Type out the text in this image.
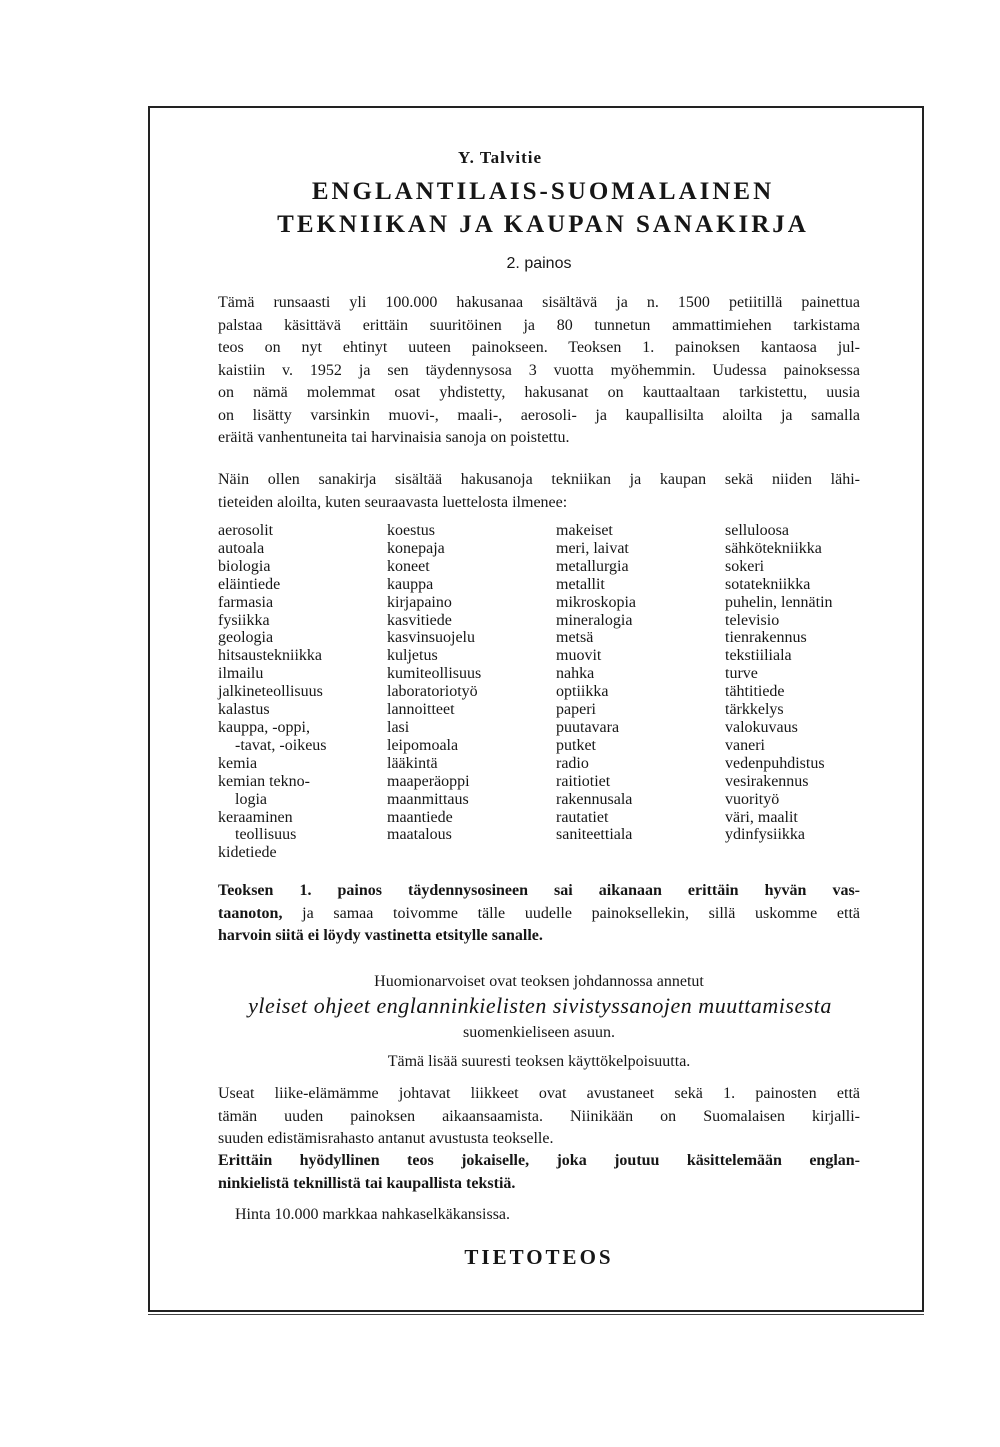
Y. Talvitie
ENGLANTILAIS-SUOMALAINEN
TEKNIIKAN JA KAUPAN SANAKIRJA
2. painos
Tämä runsaasti yli 100.000 hakusanaa sisältävä ja n. 1500 petiitillä painettua
palstaa käsittävä erittäin suuritöinen ja 80 tunnetun ammattimiehen tarkistama
teos on nyt ehtinyt uuteen painokseen. Teoksen 1. painoksen kantaosa jul-
kaistiin v. 1952 ja sen täydennysosa 3 vuotta myöhemmin. Uudessa painoksessa
on nämä molemmat osat yhdistetty, hakusanat on kauttaaltaan tarkistettu, uusia
on lisätty varsinkin muovi-, maali-, aerosoli- ja kaupallisilta aloilta ja samalla
eräitä vanhentuneita tai harvinaisia sanoja on poistettu.
Näin ollen sanakirja sisältää hakusanoja tekniikan ja kaupan sekä niiden lähi-
tieteiden aloilta, kuten seuraavasta luettelosta ilmenee:
aerosolit
autoala
biologia
eläintiede
farmasia
fysiikka
geologia
hitsaustekniikka
ilmailu
jalkineteollisuus
kalastus
kauppa, -oppi,
-tavat, -oikeus
kemia
kemian tekno-
logia
keraaminen
teollisuus
kidetiede
koestus
konepaja
koneet
kauppa
kirjapaino
kasvitiede
kasvinsuojelu
kuljetus
kumiteollisuus
laboratoriotyö
lannoitteet
lasi
leipomoala
lääkintä
maaperäoppi
maanmittaus
maantiede
maatalous
makeiset
meri, laivat
metallurgia
metallit
mikroskopia
mineralogia
metsä
muovit
nahka
optiikka
paperi
puutavara
putket
radio
raitiotiet
rakennusala
rautatiet
saniteettiala
selluloosa
sähkötekniikka
sokeri
sotatekniikka
puhelin, lennätin
televisio
tienrakennus
tekstiiliala
turve
tähtitiede
tärkkelys
valokuvaus
vaneri
vedenpuhdistus
vesirakennus
vuorityö
väri, maalit
ydinfysiikka
Teoksen 1. painos täydennysosineen sai aikanaan erittäin hyvän vas-
taanoton, ja samaa toivomme tälle uudelle painoksellekin, sillä uskomme että
harvoin siitä ei löydy vastinetta etsitylle sanalle.
Huomionarvoiset ovat teoksen johdannossa annetut
yleiset ohjeet englanninkielisten sivistyssanojen muuttamisesta
suomenkieliseen asuun.
Tämä lisää suuresti teoksen käyttökelpoisuutta.
Useat liike-elämämme johtavat liikkeet ovat avustaneet sekä 1. painosten että
tämän uuden painoksen aikaansaamista. Niinikään on Suomalaisen kirjalli-
suuden edistämisrahasto antanut avustusta teokselle.
Erittäin hyödyllinen teos jokaiselle, joka joutuu käsittelemään englan-
ninkielistä teknillistä tai kaupallista tekstiä.
Hinta 10.000 markkaa nahkaselkäkansissa.
TIETOTEOS
